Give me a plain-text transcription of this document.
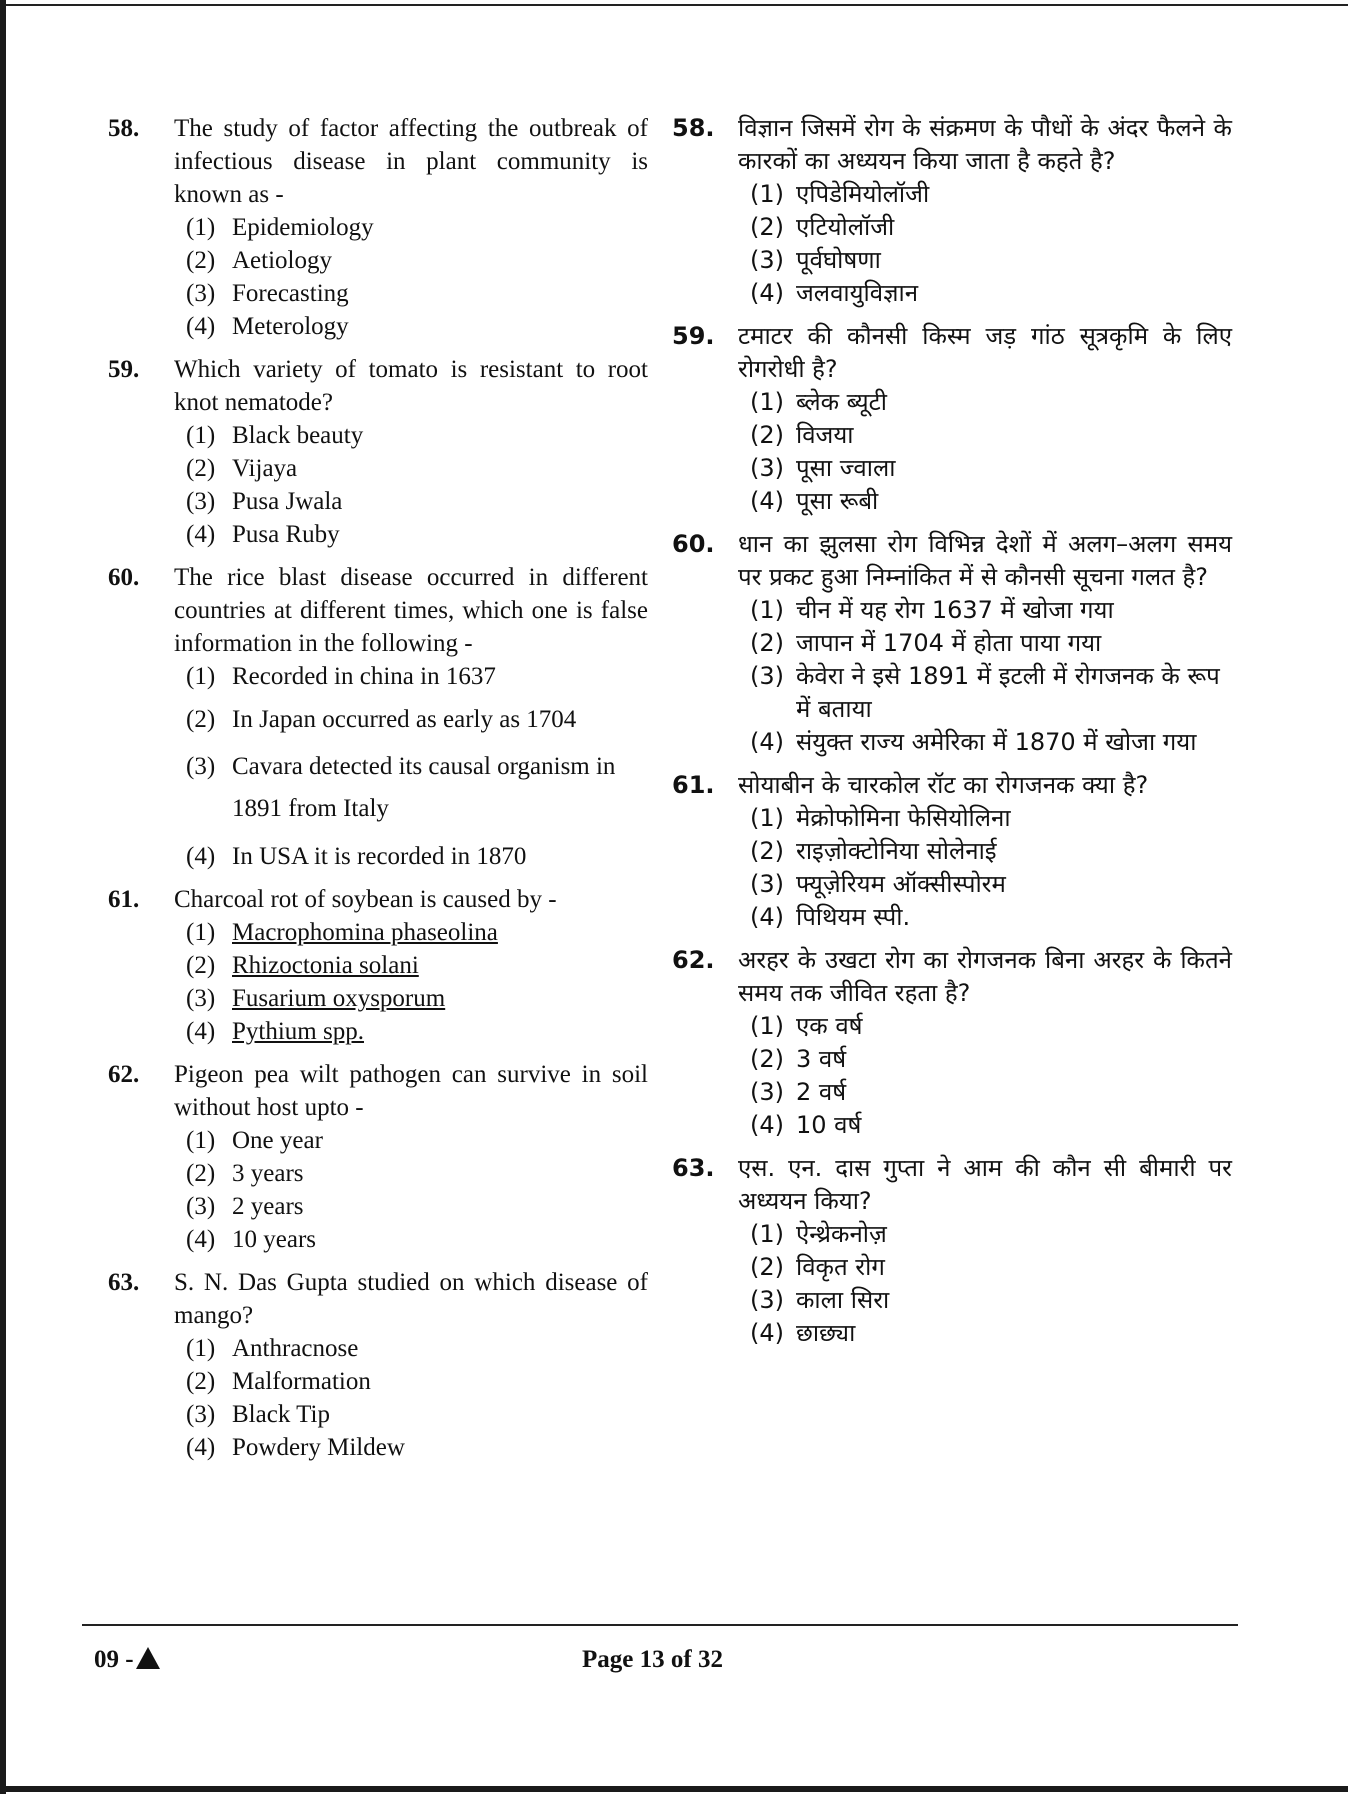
58. The study of factor affecting the outbreak of infectious disease in plant community is known as -
(1) Epidemiology
(2) Aetiology
(3) Forecasting
(4) Meterology
59. Which variety of tomato is resistant to root knot nematode?
(1) Black beauty
(2) Vijaya
(3) Pusa Jwala
(4) Pusa Ruby
60. The rice blast disease occurred in different countries at different times, which one is false information in the following -
(1) Recorded in china in 1637
(2) In Japan occurred as early as 1704
(3) Cavara detected its causal organism in 1891 from Italy
(4) In USA it is recorded in 1870
61. Charcoal rot of soybean is caused by -
(1) Macrophomina phaseolina
(2) Rhizoctonia solani
(3) Fusarium oxysporum
(4) Pythium spp.
62. Pigeon pea wilt pathogen can survive in soil without host upto -
(1) One year
(2) 3 years
(3) 2 years
(4) 10 years
63. S. N. Das Gupta studied on which disease of mango?
(1) Anthracnose
(2) Malformation
(3) Black Tip
(4) Powdery Mildew
58. विज्ञान जिसमें रोग के संक्रमण के पौधों के अंदर फैलने के कारकों का अध्ययन किया जाता है कहते है?
(1) एपिडेमियोलॉजी
(2) एटियोलॉजी
(3) पूर्वघोषणा
(4) जलवायुविज्ञान
59. टमाटर की कौनसी किस्म जड़ गांठ सूत्रकृमि के लिए रोगरोधी है?
(1) ब्लेक ब्यूटी
(2) विजया
(3) पूसा ज्वाला
(4) पूसा रूबी
60. धान का झुलसा रोग विभिन्न देशों में अलग–अलग समय पर प्रकट हुआ निम्नांकित में से कौनसी सूचना गलत है?
(1) चीन में यह रोग 1637 में खोजा गया
(2) जापान में 1704 में होता पाया गया
(3) केवेरा ने इसे 1891 में इटली में रोगजनक के रूप में बताया
(4) संयुक्त राज्य अमेरिका में 1870 में खोजा गया
61. सोयाबीन के चारकोल रॉट का रोगजनक क्या है?
(1) मेक्रोफोमिना फेसियोलिना
(2) राइज़ोक्टोनिया सोलेनाई
(3) फ्यूज़ेरियम ऑक्सीस्पोरम
(4) पिथियम स्पी.
62. अरहर के उखटा रोग का रोगजनक बिना अरहर के कितने समय तक जीवित रहता है?
(1) एक वर्ष
(2) 3 वर्ष
(3) 2 वर्ष
(4) 10 वर्ष
63. एस. एन. दास गुप्ता ने आम की कौन सी बीमारी पर अध्ययन किया?
(1) ऐन्थ्रेकनोज़
(2) विकृत रोग
(3) काला सिरा
(4) छाछ्या
09 -	Page 13 of 32
